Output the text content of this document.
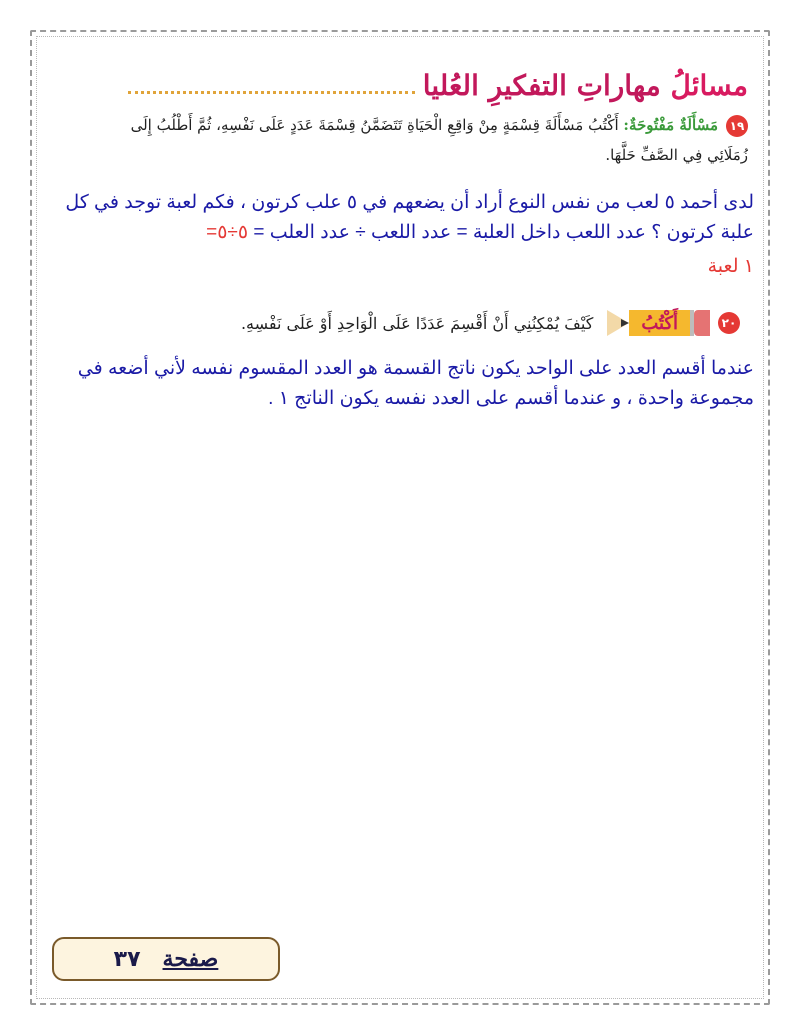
مسائلُ مهاراتِ التفكيرِ العُليا
١٩مَسْأَلَةٌ مَفْتُوحَةٌ: أَكْتُبُ مَسْأَلَةَ قِسْمَةٍ مِنْ وَاقِعِ الْحَيَاةِ تَتَضَمَّنُ قِسْمَةَ عَدَدٍ عَلَى نَفْسِهِ، ثُمَّ أَطْلُبُ إِلَى زُمَلَائِي فِي الصَّفِّ حَلَّهَا.
لدى أحمد ٥ لعب من نفس النوع أراد أن يضعهم في ٥ علب كرتون ، فكم لعبة توجد في كل علبة كرتون ؟ عدد اللعب داخل العلبة = عدد اللعب ÷ عدد العلب = ٥÷٥=
١ لعبة
٢٠
أَكْتُبُ
كَيْفَ يُمْكِنُنِي أَنْ أَقْسِمَ عَدَدًا عَلَى الْوَاحِدِ أَوْ عَلَى نَفْسِهِ.
عندما أقسم العدد على الواحد يكون ناتج القسمة هو العدد المقسوم نفسه لأني أضعه في مجموعة واحدة ، و عندما أقسم على العدد نفسه يكون الناتج ١ .
صفحة
٣٧
